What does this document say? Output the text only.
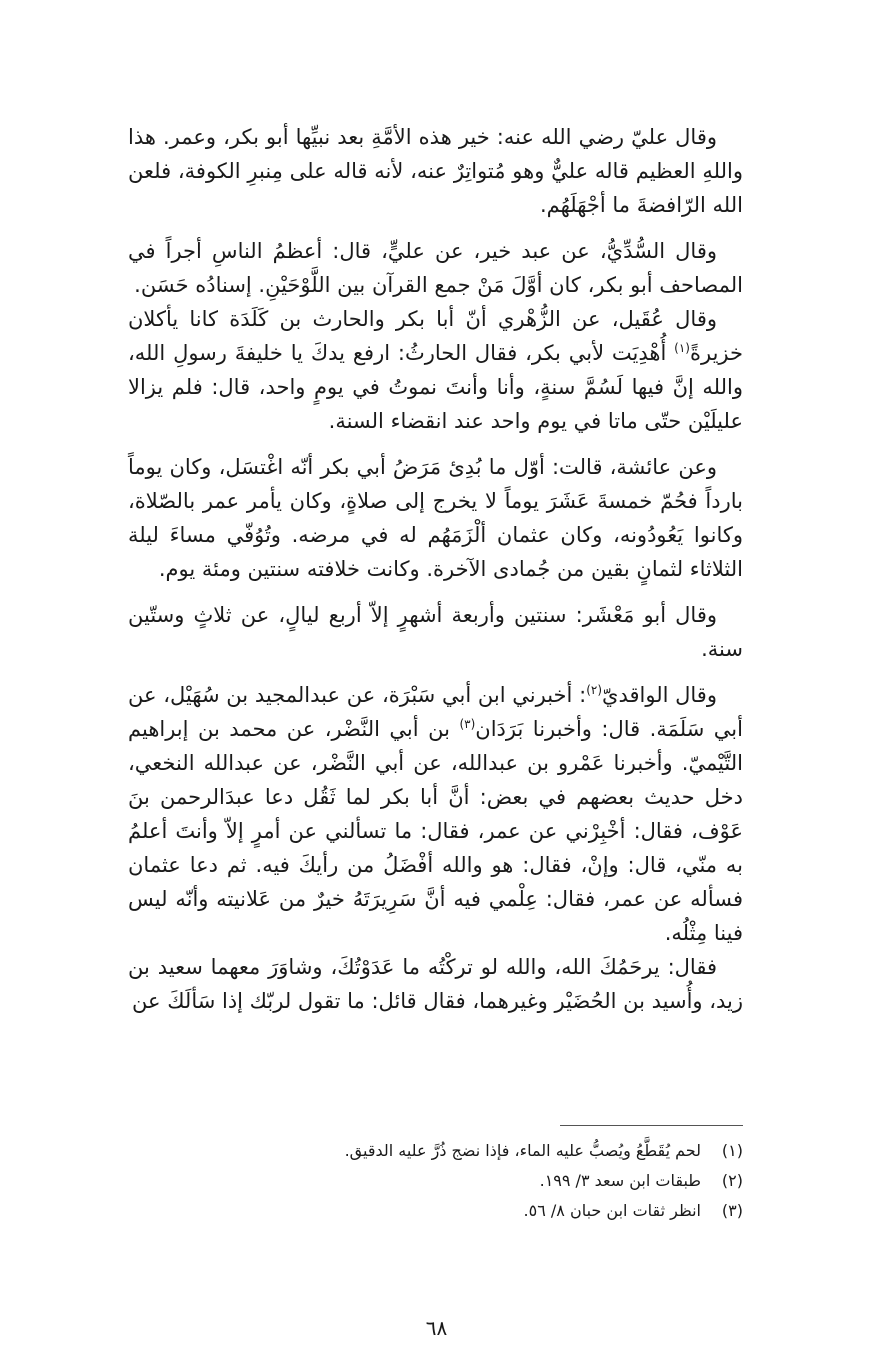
وقال عليّ رضي الله عنه: خير هذه الأمَّةِ بعد نبيِّها أبو بكر، وعمر. هذا واللهِ العظيم قاله عليٌّ وهو مُتواتِرٌ عنه، لأنه قاله على مِنبرِ الكوفة، فلعن الله الرّافضةَ ما أجْهَلَهُم.

وقال السُّدِّيُّ، عن عبد خير، عن عليٍّ، قال: أعظمُ الناسِ أجراً في المصاحف أبو بكر، كان أوَّلَ مَنْ جمع القرآن بين اللَّوْحَيْنِ. إسنادُه حَسَن.

وقال عُقَيل، عن الزُّهْري أنّ أبا بكر والحارث بن كَلَدَة كانا يأكلان خزيرةً$^{(١)}$ أُهْدِيَت لأبي بكر، فقال الحارثُ: ارفع يدكَ يا خليفةَ رسولِ الله، والله إنَّ فيها لَسُمَّ سنةٍ، وأنا وأنتَ نموتُ في يومٍ واحد، قال: فلم يزالا عليلَيْن حتّى ماتا في يوم واحد عند انقضاء السنة.

وعن عائشة، قالت: أوّل ما بُدِئ مَرَضُ أبي بكر أنّه اغْتسَل، وكان يوماً بارداً فحُمّ خمسةَ عَشَرَ يوماً لا يخرج إلى صلاةٍ، وكان يأمر عمر بالصّلاة، وكانوا يَعُودُونه، وكان عثمان ألْزَمَهُم له في مرضه. وتُوُفّي مساءَ ليلة الثلاثاء لثمانٍ بقين من جُمادى الآخرة. وكانت خلافته سنتين ومئة يوم.

وقال أبو مَعْشَر: سنتين وأربعة أشهرٍ إلاّ أربع ليالٍ، عن ثلاثٍ وستّين سنة.

وقال الواقديّ$^{(٢)}$: أخبرني ابن أبي سَبْرَة، عن عبدالمجيد بن سُهَيْل، عن أبي سَلَمَة. قال: وأخبرنا بَرَدَان$^{(٣)}$ بن أبي النَّضْر، عن محمد بن إبراهيم التَّيْميّ. وأخبرنا عَمْرو بن عبدالله، عن أبي النَّضْر، عن عبدالله النخعي، دخل حديث بعضهم في بعض: أنَّ أبا بكر لما ثَقُل دعا عبدَالرحمن بنَ عَوْف، فقال: أخْبِرْني عن عمر، فقال: ما تسألني عن أمرٍ إلاّ وأنتَ أعلمُ به منّي، قال: وإنْ، فقال: هو والله أفْضَلُ من رأيكَ فيه. ثم دعا عثمان فسأله عن عمر، فقال: عِلْمي فيه أنَّ سَرِيرَتَهُ خيرٌ من عَلانيته وأنّه ليس فينا مِثْلُه.

فقال: يرحَمُكَ الله، والله لو تركْتُه ما عَدَوْتُكَ، وشاوَرَ معهما سعيد بن زيد، وأُسيد بن الحُضَيْر وغيرهما، فقال قائل: ما تقول لربّك إذا سَألَكَ عن

(١)
لحم يُقَطَّعُ ويُصبُّ عليه الماء، فإذا نضج ذُرَّ عليه الدقيق.
(٢)
طبقات ابن سعد ٣/ ١٩٩.
(٣)
انظر ثقات ابن حبان ٨/ ٥٦.
٦٨
